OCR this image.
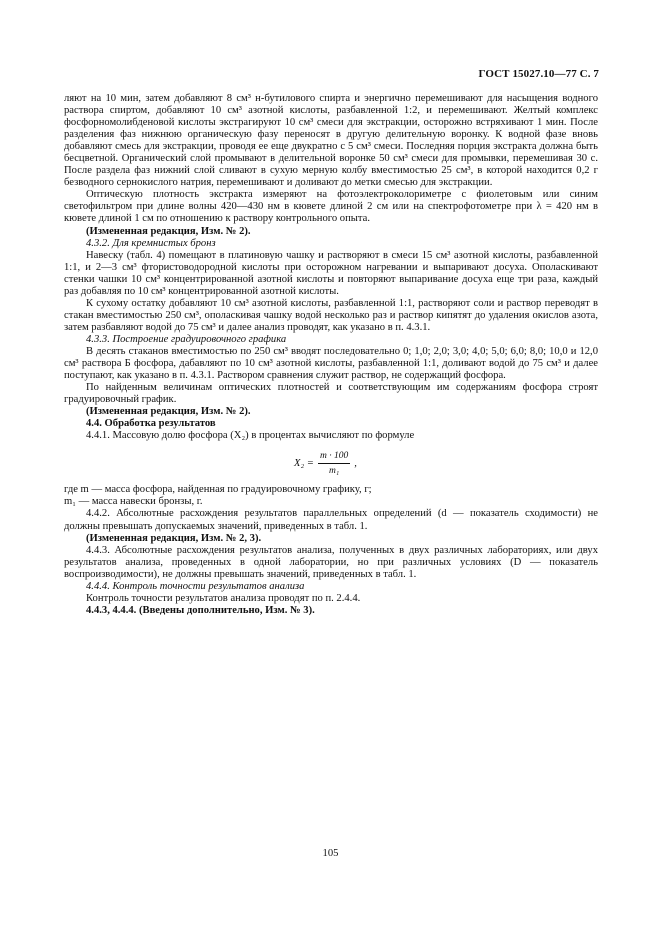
ГОСТ 15027.10—77 С. 7

ляют на 10 мин, затем добавляют 8 см³ н-бутилового спирта и энергично перемешивают для насыщения водного раствора спиртом, добавляют 10 см³ азотной кислоты, разбавленной 1:2, и перемешивают. Желтый комплекс фосфорномолибденовой кислоты экстрагируют 10 см³ смеси для экстракции, осторожно встряхивают 1 мин. После разделения фаз нижнюю органическую фазу переносят в другую делительную воронку. К водной фазе вновь добавляют смесь для экстракции, проводя ее еще двукратно с 5 см³ смеси. Последняя порция экстракта должна быть бесцветной. Органический слой промывают в делительной воронке 50 см³ смеси для промывки, перемешивая 30 с. После раздела фаз нижний слой сливают в сухую мерную колбу вместимостью 25 см³, в которой находится 0,2 г безводного сернокислого натрия, перемешивают и доливают до метки смесью для экстракции.

Оптическую плотность экстракта измеряют на фотоэлектроколориметре с фиолетовым или синим светофильтром при длине волны 420—430 нм в кювете длиной 2 см или на спектрофотометре при λ = 420 нм в кювете длиной 1 см по отношению к раствору контрольного опыта.

(Измененная редакция, Изм. № 2).

4.3.2. Для кремнистых бронз

Навеску (табл. 4) помещают в платиновую чашку и растворяют в смеси 15 см³ азотной кислоты, разбавленной 1:1, и 2—3 см³ фтористоводородной кислоты при осторожном нагревании и выпаривают досуха. Ополаскивают стенки чашки 10 см³ концентрированной азотной кислоты и повторяют выпаривание досуха еще три раза, каждый раз добавляя по 10 см³ концентрированной азотной кислоты.

К сухому остатку добавляют 10 см³ азотной кислоты, разбавленной 1:1, растворяют соли и раствор переводят в стакан вместимостью 250 см³, ополаскивая чашку водой несколько раз и раствор кипятят до удаления окислов азота, затем разбавляют водой до 75 см³ и далее анализ проводят, как указано в п. 4.3.1.

4.3.3. Построение градуировочного графика

В десять стаканов вместимостью по 250 см³ вводят последовательно 0; 1,0; 2,0; 3,0; 4,0; 5,0; 6,0; 8,0; 10,0 и 12,0 см³ раствора Б фосфора, дабавляют по 10 см³ азотной кислоты, разбавленной 1:1, доливают водой до 75 см³ и далее поступают, как указано в п. 4.3.1. Раствором сравнения служит раствор, не содержащий фосфора.

По найденным величинам оптических плотностей и соответствующим им содержаниям фосфора строят градуировочный график.

(Измененная редакция, Изм. № 2).

4.4. Обработка результатов

4.4.1. Массовую долю фосфора (X₂) в процентах вычисляют по формуле

$X_2 = \frac{m \cdot 100}{\text{m₁}}$ ,

где m — масса фосфора, найденная по градуировочному графику, г;

m₁ — масса навески бронзы, г.

4.4.2. Абсолютные расхождения результатов параллельных определений (d — показатель сходимости) не должны превышать допускаемых значений, приведенных в табл. 1.

(Измененная редакция, Изм. № 2, 3).

4.4.3. Абсолютные расхождения результатов анализа, полученных в двух различных лабораториях, или двух результатов анализа, проведенных в одной лаборатории, но при различных условиях (D — показатель воспроизводимости), не должны превышать значений, приведенных в табл. 1.

4.4.4. Контроль точности результатов анализа

Контроль точности результатов анализа проводят по п. 2.4.4.

4.4.3, 4.4.4. (Введены дополнительно, Изм. № 3).

105
